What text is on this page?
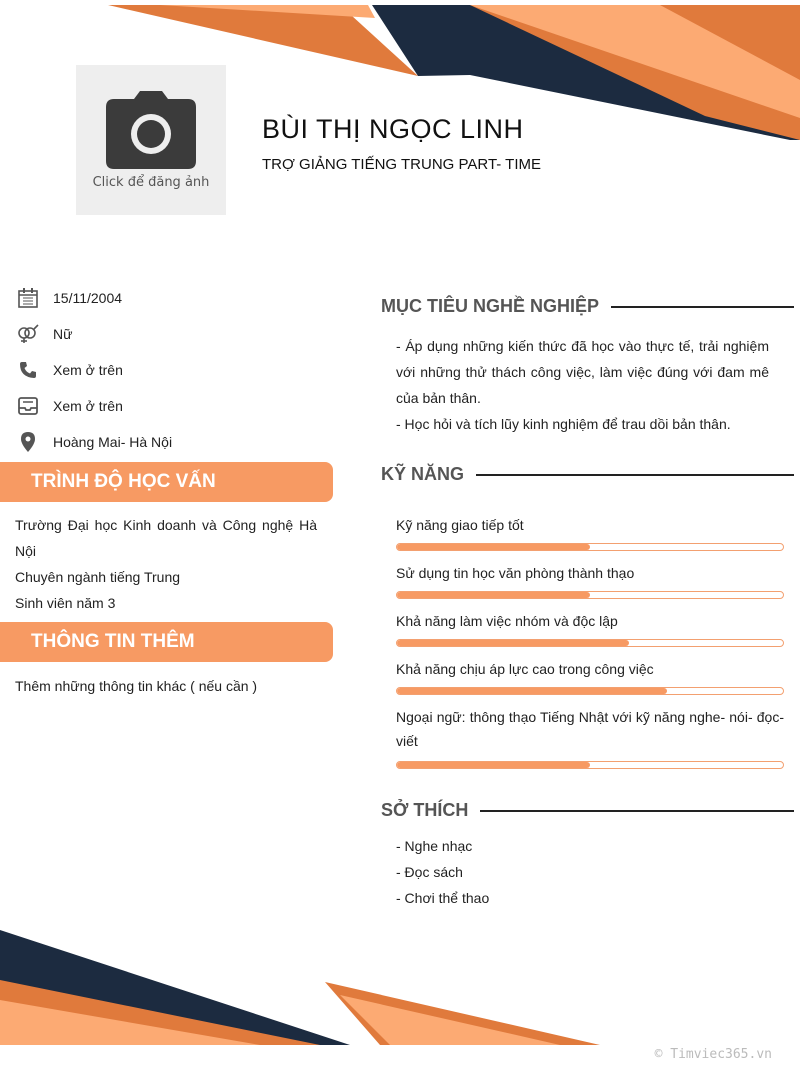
Click để đăng ảnh
BÙI THỊ NGỌC LINH
TRỢ GIẢNG TIẾNG TRUNG PART- TIME
15/11/2004
Nữ
Xem ở trên
Xem ở trên
Hoàng Mai- Hà Nội
TRÌNH ĐỘ HỌC VẤN
Trường Đại học Kinh doanh và Công nghệ Hà
Nội
Chuyên ngành tiếng Trung
Sinh viên năm 3
THÔNG TIN THÊM
Thêm những thông tin khác ( nếu cần )
MỤC TIÊU NGHỀ NGHIỆP
- Áp dụng những kiến thức đã học vào thực tế, trải nghiệm với những thử thách công việc, làm việc đúng với đam mê của bản thân.
- Học hỏi và tích lũy kinh nghiệm để trau dồi bản thân.
KỸ NĂNG
Kỹ năng giao tiếp tốt
Sử dụng tin học văn phòng thành thạo
Khả năng làm việc nhóm và độc lập
Khả năng chịu áp lực cao trong công việc
Ngoại ngữ: thông thạo Tiếng Nhật với kỹ năng nghe- nói- đọc- viết
SỞ THÍCH
- Nghe nhạc
- Đọc sách
- Chơi thể thao
© Timviec365.vn
